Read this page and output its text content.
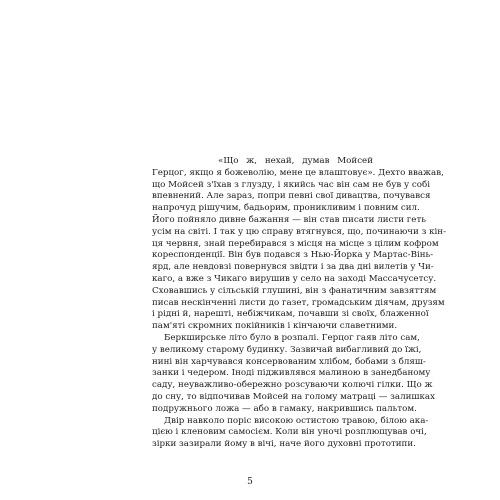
«Що ж, нехай, думав Мойсей
Герцог, якщо я божеволію, мене це влаштовує». Дехто вважав,
що Мойсей з'їхав з глузду, і якийсь час він сам не був у собі
впевнений. Але зараз, попри певні свої дивацтва, почувався
напрочуд рішучим, бадьорим, проникливим і повним сил.
Його пойняло дивне бажання — він став писати листи геть
усім на світі. І так у цю справу втягнувся, що, починаючи з кін-
ця червня, знай перебирався з місця на місце з цілим кофром
кореспонденції. Він був подався з Нью-Йорка у Мартас-Вінь-
ярд, але невдовзі повернувся звідти і за два дні вилетів у Чи-
каго, а вже з Чикаго вирушив у село на заході Массачусетсу.
Сховавшись у сільській глушині, він з фанатичним завзяттям
писав нескінченні листи до газет, громадським діячам, друзям
і рідні й, нарешті, небіжчикам, почавши зі своїх, блаженної
пам'яті скромних покійників і кінчаючи славетними.
Беркширське літо було в розпалі. Герцог гаяв літо сам,
у великому старому будинку. Зазвичай вибагливий до їжі,
нині він харчувався консервованим хлібом, бобами з бляш-
занки і чедером. Іноді підживлявся малиною в занедбаному
саду, неуважливо-обережно розсуваючи колючі гілки. Що ж
до сну, то відпочивав Мойсей на голому матраці — залишках
подружнього ложа — або в гамаку, накрившись пальтом.
Двір навколо поріс високою остистою травою, білою ака-
цією і кленовим самосієм. Коли він уночі розплющував очі,
зірки зазирали йому в вічі, наче його духовні прототипи.
5
